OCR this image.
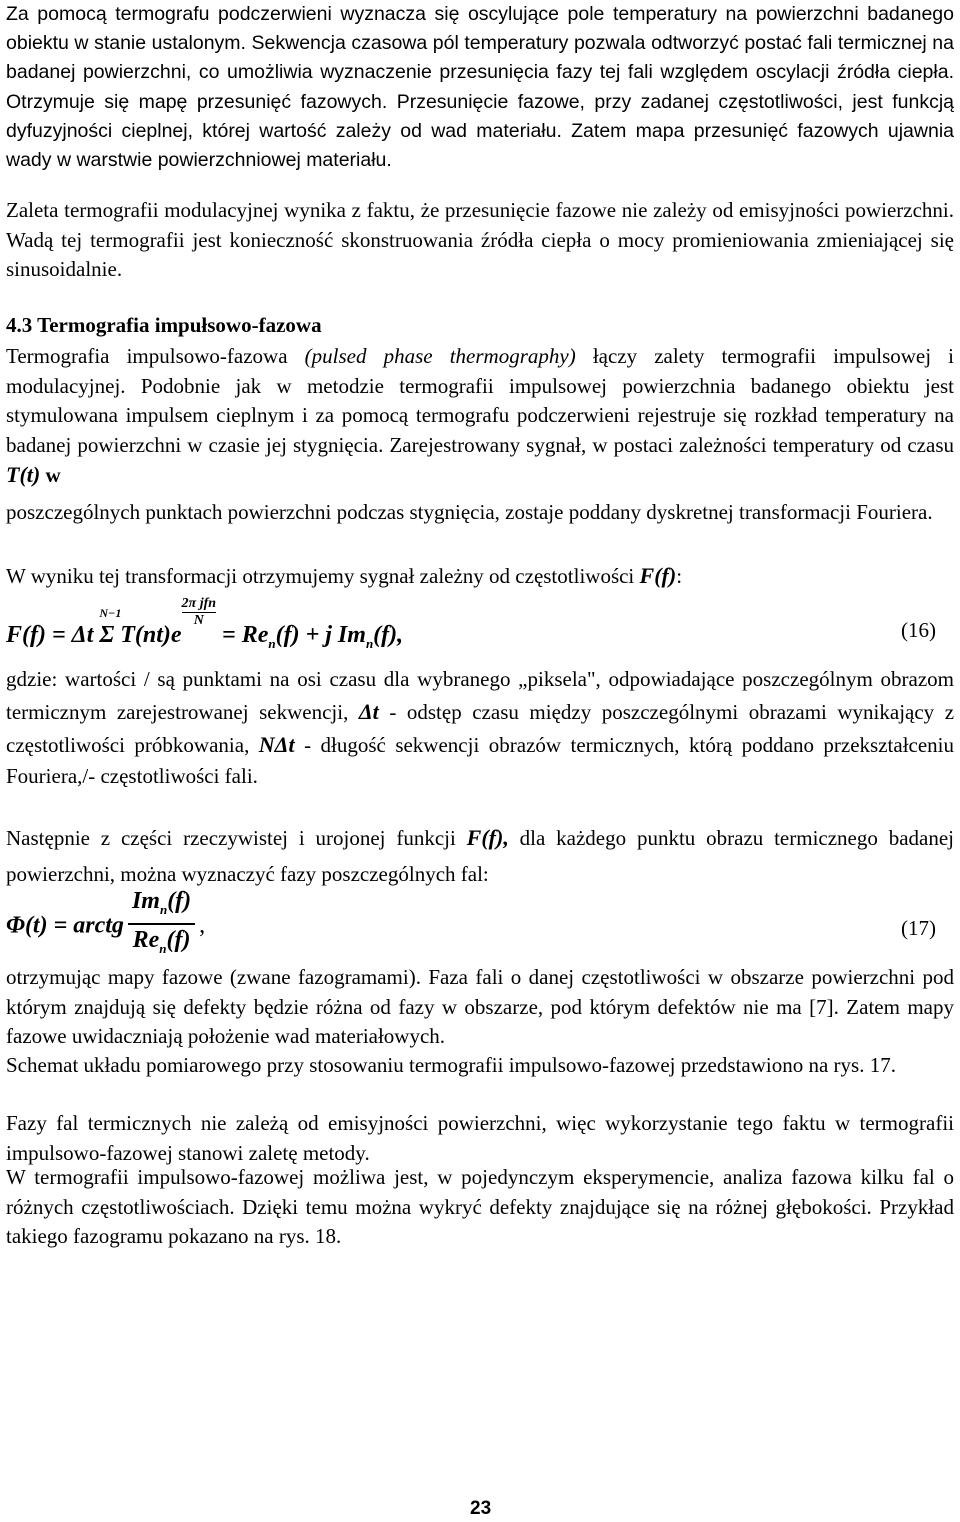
Za pomocą termografu podczerwieni wyznacza się oscylujące pole temperatury na powierzchni badanego obiektu w stanie ustalonym. Sekwencja czasowa pól temperatury pozwala odtworzyć postać fali termicznej na badanej powierzchni, co umożliwia wyznaczenie przesunięcia fazy tej fali względem oscylacji źródła ciepła. Otrzymuje się mapę przesunięć fazowych. Przesunięcie fazowe, przy zadanej częstotliwości, jest funkcją dyfuzyjności cieplnej, której wartość zależy od wad materiału. Zatem mapa przesunięć fazowych ujawnia wady w warstwie powierzchniowej materiału.

Zaleta termografii modulacyjnej wynika z faktu, że przesunięcie fazowe nie zależy od emisyjności powierzchni. Wadą tej termografii jest konieczność skonstruowania źródła ciepła o mocy promieniowania zmieniającej się sinusoidalnie.

4.3 Termografia impułsowo-fazowa

Termografia impulsowo-fazowa (pulsed phase thermography) łączy zalety termografii impulsowej i modulacyjnej. Podobnie jak w metodzie termografii impulsowej powierzchnia badanego obiektu jest stymulowana impulsem cieplnym i za pomocą termografu podczerwieni rejestruje się rozkład temperatury na badanej powierzchni w czasie jej stygnięcia. Zarejestrowany sygnał, w postaci zależności temperatury od czasu T(t) w

poszczególnych punktach powierzchni podczas stygnięcia, zostaje poddany dyskretnej transformacji Fouriera.

W wyniku tej transformacji otrzymujemy sygnał zależny od częstotliwości F(f):

F(f) = Δt
N−1
Σ T(nt)e
$^{2\pi jfn N}$
= $Re_n(f) + j$ $Im_n(f)$,	(16)

gdzie: wartości / są punktami na osi czasu dla wybranego „piksela", odpowiadające poszczególnym obrazom termicznym zarejestrowanej sekwencji, Δt - odstęp czasu między poszczególnymi obrazami wynikający z częstotliwości próbkowania, NΔt - długość sekwencji obrazów termicznych, którą poddano przekształceniu Fouriera,/- częstotliwości fali.

Następnie z części rzeczywistej i urojonej funkcji F(f), dla każdego punktu obrazu termicznego badanej powierzchni, można wyznaczyć fazy poszczególnych fal:

Φ(t) = arctg $\frac{Im_n(f)}{Re_n(f)}$ ,	(17)

otrzymując mapy fazowe (zwane fazogramami). Faza fali o danej częstotliwości w obszarze powierzchni pod którym znajdują się defekty będzie różna od fazy w obszarze, pod którym defektów nie ma [7]. Zatem mapy fazowe uwidaczniają położenie wad materiałowych.

Schemat układu pomiarowego przy stosowaniu termografii impulsowo-fazowej przedstawiono na rys. 17.

Fazy fal termicznych nie zależą od emisyjności powierzchni, więc wykorzystanie tego faktu w termografii impulsowo-fazowej stanowi zaletę metody.

W termografii impulsowo-fazowej możliwa jest, w pojedynczym eksperymencie, analiza fazowa kilku fal o różnych częstotliwościach. Dzięki temu można wykryć defekty znajdujące się na różnej głębokości. Przykład takiego fazogramu pokazano na rys. 18.

23
